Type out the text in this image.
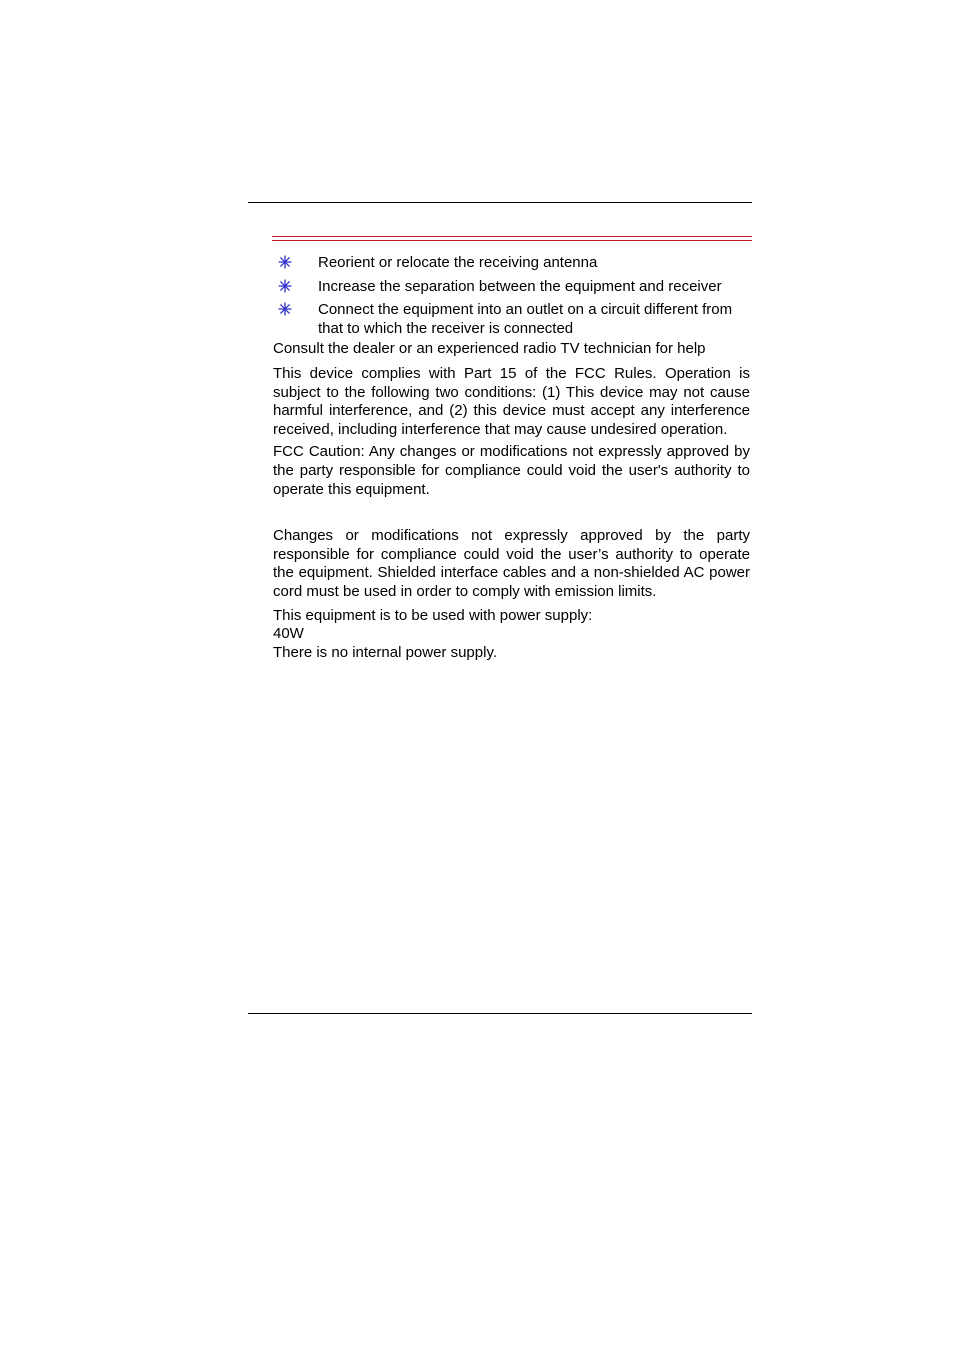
Reorient or relocate the receiving antenna
Increase the separation between the equipment and receiver
Connect the equipment into an outlet on a circuit different from that to which the receiver is connected

Consult the dealer or an experienced radio TV technician for help

This device complies with Part 15 of the FCC Rules. Operation is subject to the following two conditions: (1) This device may not cause harmful interference, and (2) this device must accept any interference received, including interference that may cause undesired operation.

FCC Caution: Any changes or modifications not expressly approved by the party responsible for compliance could void the user's authority to operate this equipment.

Changes or modifications not expressly approved by the party responsible for compliance could void the user’s authority to operate the equipment. Shielded interface cables and a non-shielded AC power cord must be used in order to comply with emission limits.

This equipment is to be used with power supply:

40W

There is no internal power supply.
